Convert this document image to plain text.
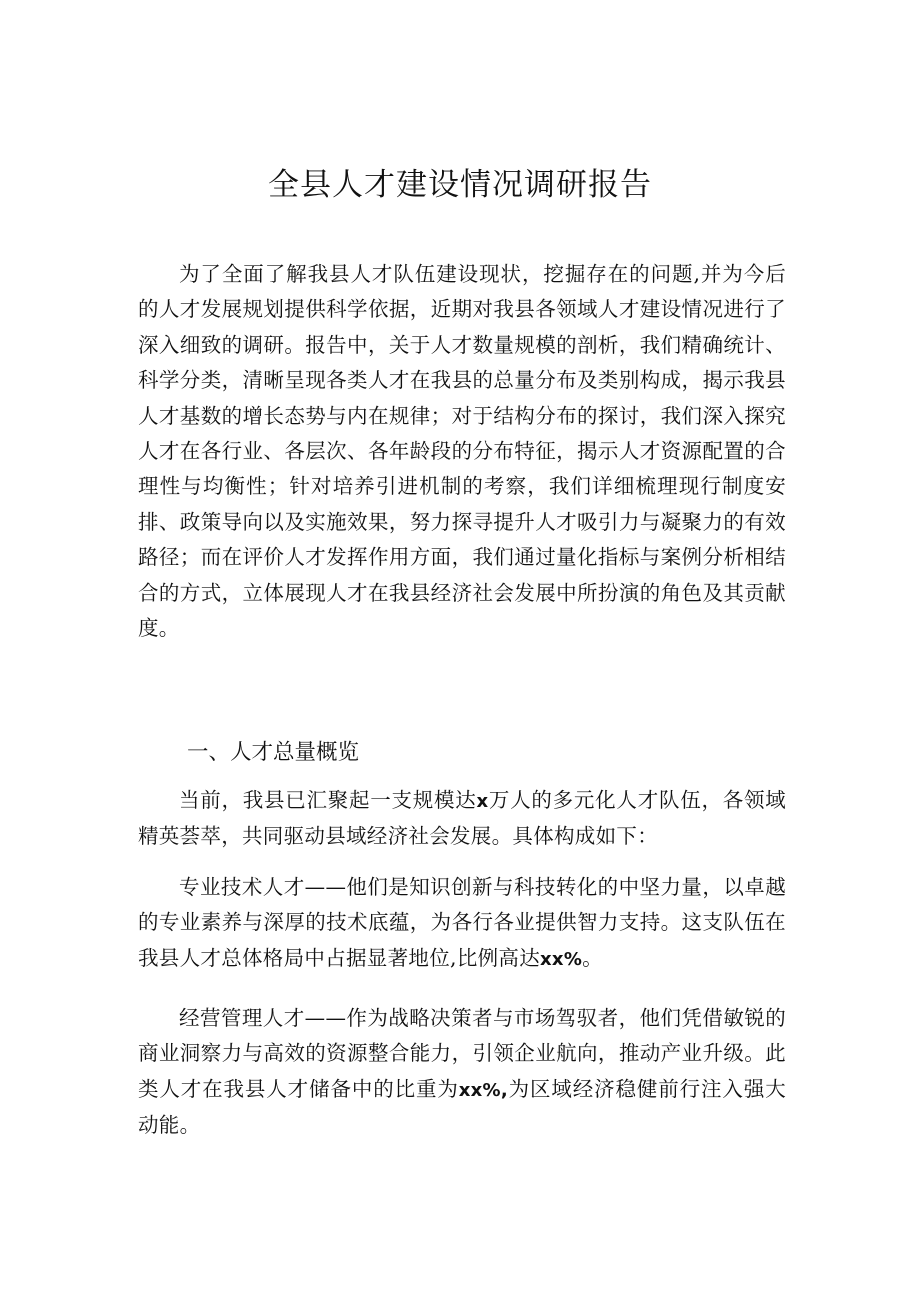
全县人才建设情况调研报告

为了全面了解我县人才队伍建设现状，挖掘存在的问题,并为今后的人才发展规划提供科学依据，近期对我县各领域人才建设情况进行了深入细致的调研。报告中，关于人才数量规模的剖析，我们精确统计、科学分类，清晰呈现各类人才在我县的总量分布及类别构成，揭示我县人才基数的增长态势与内在规律；对于结构分布的探讨，我们深入探究人才在各行业、各层次、各年龄段的分布特征，揭示人才资源配置的合理性与均衡性；针对培养引进机制的考察，我们详细梳理现行制度安排、政策导向以及实施效果，努力探寻提升人才吸引力与凝聚力的有效路径；而在评价人才发挥作用方面，我们通过量化指标与案例分析相结合的方式，立体展现人才在我县经济社会发展中所扮演的角色及其贡献度。

一、人才总量概览

当前，我县已汇聚起一支规模达x万人的多元化人才队伍，各领域精英荟萃，共同驱动县域经济社会发展。具体构成如下：

专业技术人才——他们是知识创新与科技转化的中坚力量，以卓越的专业素养与深厚的技术底蕴，为各行各业提供智力支持。这支队伍在我县人才总体格局中占据显著地位,比例高达xx%。

经营管理人才——作为战略决策者与市场驾驭者，他们凭借敏锐的商业洞察力与高效的资源整合能力，引领企业航向，推动产业升级。此类人才在我县人才储备中的比重为xx%,为区域经济稳健前行注入强大动能。
